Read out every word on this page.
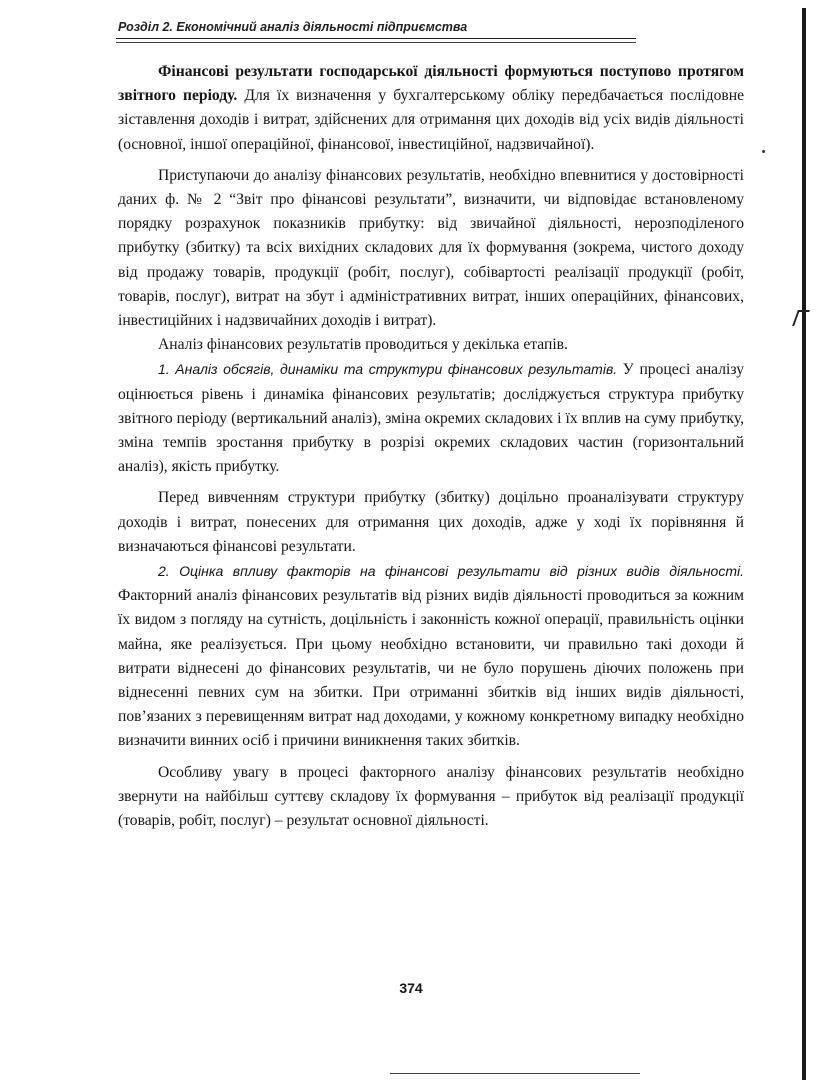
Розділ 2. Економічний аналіз діяльності підприємства

Фінансові результати господарської діяльності формуються поступово протягом звітного періоду. Для їх визначення у бухгалтерському обліку передбачається послідовне зіставлення доходів і витрат, здійснених для отримання цих доходів від усіх видів діяльності (основної, іншої операційної, фінансової, інвестиційної, надзвичайної).

Приступаючи до аналізу фінансових результатів, необхідно впевнитися у достовірності даних ф. № 2 “Звіт про фінансові результати”, визначити, чи відповідає встановленому порядку розрахунок показників прибутку: від звичайної діяльності, нерозподіленого прибутку (збитку) та всіх вихідних складових для їх формування (зокрема, чистого доходу від продажу товарів, продукції (робіт, послуг), собівартості реалізації продукції (робіт, товарів, послуг), витрат на збут і адміністративних витрат, інших операційних, фінансових, інвестиційних і надзвичайних доходів і витрат).

Аналіз фінансових результатів проводиться у декілька етапів.

1. Аналіз обсягів, динаміки та структури фінансових результатів. У процесі аналізу оцінюється рівень і динаміка фінансових результатів; досліджується структура прибутку звітного періоду (вертикальний аналіз), зміна окремих складових і їх вплив на суму прибутку, зміна темпів зростання прибутку в розрізі окремих складових частин (горизонтальний аналіз), якість прибутку.

Перед вивченням структури прибутку (збитку) доцільно проаналізувати структуру доходів і витрат, понесених для отримання цих доходів, адже у ході їх порівняння й визначаються фінансові результати.

2. Оцінка впливу факторів на фінансові результати від різних видів діяльності. Факторний аналіз фінансових результатів від різних видів діяльності проводиться за кожним їх видом з погляду на сутність, доцільність і законність кожної операції, правильність оцінки майна, яке реалізується. При цьому необхідно встановити, чи правильно такі доходи й витрати віднесені до фінансових результатів, чи не було порушень діючих положень при віднесенні певних сум на збитки. При отриманні збитків від інших видів діяльності, пов’язаних з перевищенням витрат над доходами, у кожному конкретному випадку необхідно визначити винних осіб і причини виникнення таких збитків.

Особливу увагу в процесі факторного аналізу фінансових результатів необхідно звернути на найбільш суттєву складову їх формування – прибуток від реалізації продукції (товарів, робіт, послуг) – результат основної діяльності.

374
